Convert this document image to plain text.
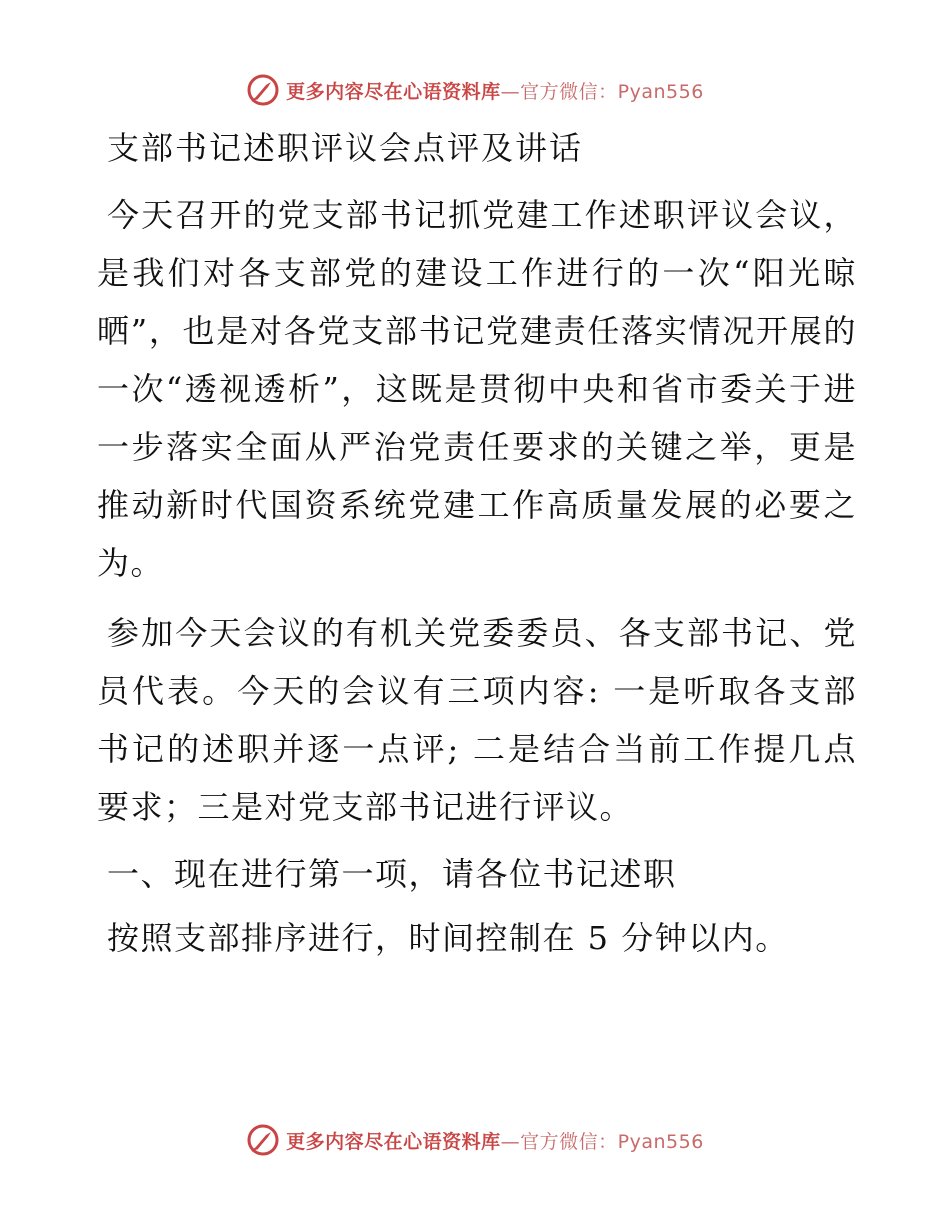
更多内容尽在心语资料库—官方微信：Pyan556
支部书记述职评议会点评及讲话

今天召开的党支部书记抓党建工作述职评议会议，是我们对各支部党的建设工作进行的一次“阳光晾晒”，也是对各党支部书记党建责任落实情况开展的一次“透视透析”，这既是贯彻中央和省市委关于进一步落实全面从严治党责任要求的关键之举，更是推动新时代国资系统党建工作高质量发展的必要之为。

参加今天会议的有机关党委委员、各支部书记、党员代表。今天的会议有三项内容: 一是听取各支部书记的述职并逐一点评; 二是结合当前工作提几点要求；三是对党支部书记进行评议。

一、现在进行第一项，请各位书记述职
按照支部排序进行，时间控制在 5 分钟以内。
更多内容尽在心语资料库—官方微信：Pyan556
